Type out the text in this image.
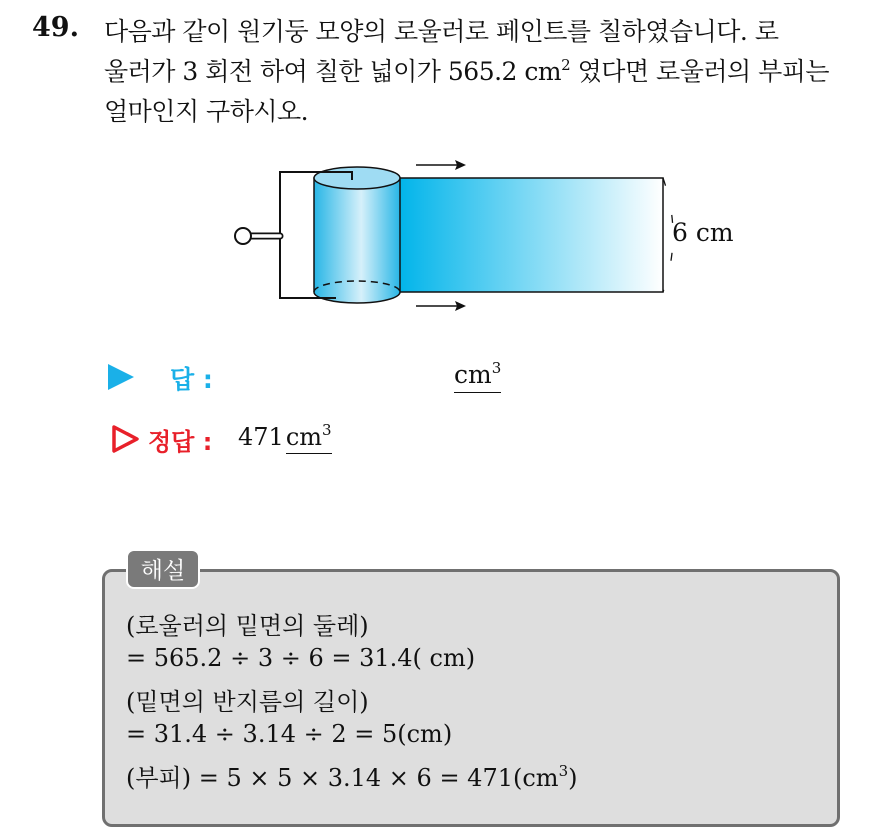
49. 다음과 같이 원기둥 모양의 로울러로 페인트를 칠하였습니다. 로
울러가 3 회전 하여 칠한 넓이가 565.2 $cm^2$ 였다면 로울러의 부피는
얼마인지 구하시오.
6 cm
답 :	$cm^3$
정답 : $471cm^3$
해설
(로울러의 밑면의 둘레)
= 565.2 ÷ 3 ÷ 6 = 31.4( cm)
(밑면의 반지름의 길이)
= 31.4 ÷ 3.14 ÷ 2 = 5(cm)
(부피) = $5 \times 5 \times 3.14 \times 6 = 471(cm^3)$
